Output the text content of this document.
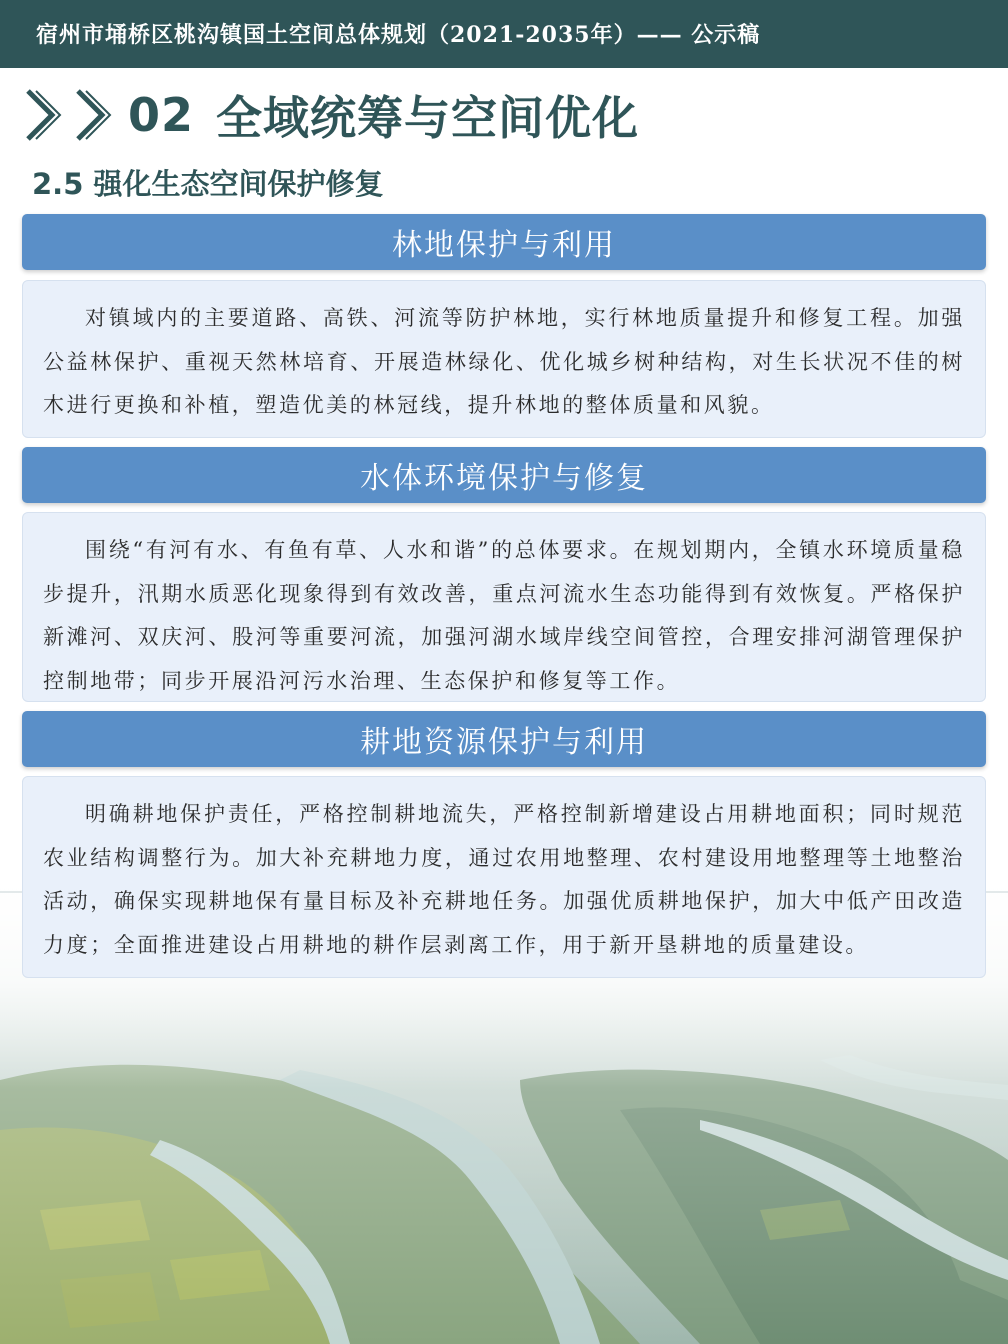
宿州市埇桥区桃沟镇国土空间总体规划（2021-2035年）—— 公示稿
02 全域统筹与空间优化
2.5 强化生态空间保护修复
林地保护与利用

对镇域内的主要道路、高铁、河流等防护林地，实行林地质量提升和修复工程。加强公益林保护、重视天然林培育、开展造林绿化、优化城乡树种结构，对生长状况不佳的树木进行更换和补植，塑造优美的林冠线，提升林地的整体质量和风貌。

水体环境保护与修复

围绕“有河有水、有鱼有草、人水和谐”的总体要求。在规划期内，全镇水环境质量稳步提升，汛期水质恶化现象得到有效改善，重点河流水生态功能得到有效恢复。严格保护新滩河、双庆河、股河等重要河流，加强河湖水域岸线空间管控，合理安排河湖管理保护控制地带；同步开展沿河污水治理、生态保护和修复等工作。

耕地资源保护与利用

明确耕地保护责任，严格控制耕地流失，严格控制新增建设占用耕地面积；同时规范农业结构调整行为。加大补充耕地力度，通过农用地整理、农村建设用地整理等土地整治活动，确保实现耕地保有量目标及补充耕地任务。加强优质耕地保护，加大中低产田改造力度；全面推进建设占用耕地的耕作层剥离工作，用于新开垦耕地的质量建设。
